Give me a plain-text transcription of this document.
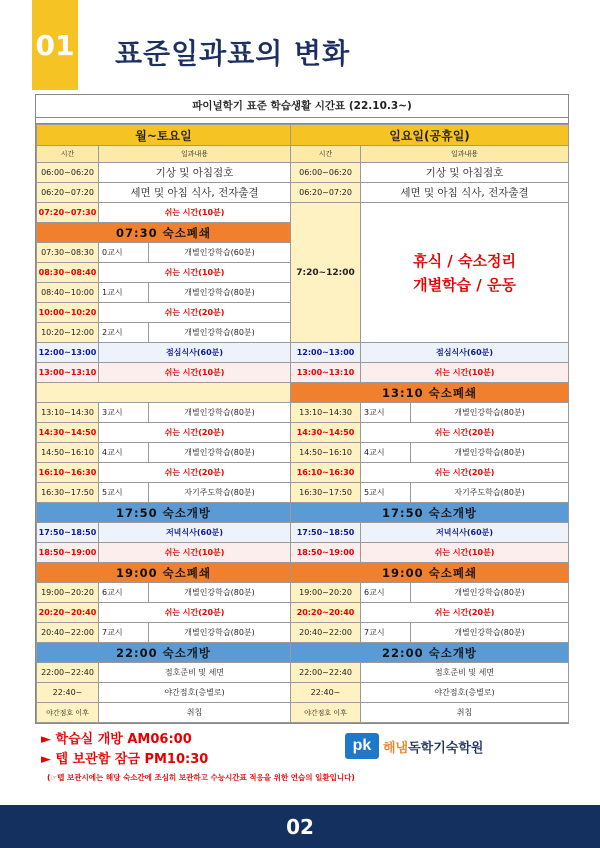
01 표준일과표의 변화
파이널학기 표준 학습생활 시간표 (22.10.3~)
월~토요일			일요일(공휴일)		
시간	일과내용		시간	일과내용	
06:00~06:20	기상 및 아침점호		06:00~06:20	기상 및 아침점호	
06:20~07:20	세면 및 아침 식사, 전자출결		06:20~07:20	세면 및 아침 식사, 전자출결	
07:20~07:30	쉬는 시간(10분)		7:20~12:00	휴식 / 숙소정리
개별학습 / 운동	

07:30 숙소폐쇄					
07:30~08:30	0교시	개별인강학습(60분)			
08:30~08:40	쉬는 시간(10분)				
08:40~10:00	1교시	개별인강학습(80분)			
10:00~10:20	쉬는 시간(20분)				
10:20~12:00	2교시	개별인강학습(80분)			
12:00~13:00	점심식사(60분)		12:00~13:00	점심식사(60분)	
13:00~13:10	쉬는 시간(10분)		13:00~13:10	쉬는 시간(10분)	
			13:10 숙소폐쇄		
13:10~14:30	3교시	개별인강학습(80분)	13:10~14:30	3교시	개별인강학습(80분)
14:30~14:50	쉬는 시간(20분)		14:30~14:50	쉬는 시간(20분)	
14:50~16:10	4교시	개별인강학습(80분)	14:50~16:10	4교시	개별인강학습(80분)
16:10~16:30	쉬는 시간(20분)		16:10~16:30	쉬는 시간(20분)	
16:30~17:50	5교시	자기주도학습(80분)	16:30~17:50	5교시	자기주도학습(80분)
17:50 숙소개방			17:50 숙소개방		
17:50~18:50	저녁식사(60분)		17:50~18:50	저녁식사(60분)	
18:50~19:00	쉬는 시간(10분)		18:50~19:00	쉬는 시간(10분)	
19:00 숙소폐쇄			19:00 숙소폐쇄		
19:00~20:20	6교시	개별인강학습(80분)	19:00~20:20	6교시	개별인강학습(80분)
20:20~20:40	쉬는 시간(20분)		20:20~20:40	쉬는 시간(20분)	
20:40~22:00	7교시	개별인강학습(80분)	20:40~22:00	7교시	개별인강학습(80분)
22:00 숙소개방			22:00 숙소개방		
22:00~22:40	점호준비 및 세면		22:00~22:40	점호준비 및 세면	
22:40~	야간점호(층별로)		22:40~	야간점호(층별로)	
야간점호 이후	취침		야간점호 이후	취침	
► 학습실 개방 AM06:00
► 텝 보관함 잠금 PM10:30
pk 해냄독학기숙학원
(☞텝 보관시에는 해당 숙소간에 조심히 보관하고 수능시간표 적응을 위한 연습의 일환입니다)
02
